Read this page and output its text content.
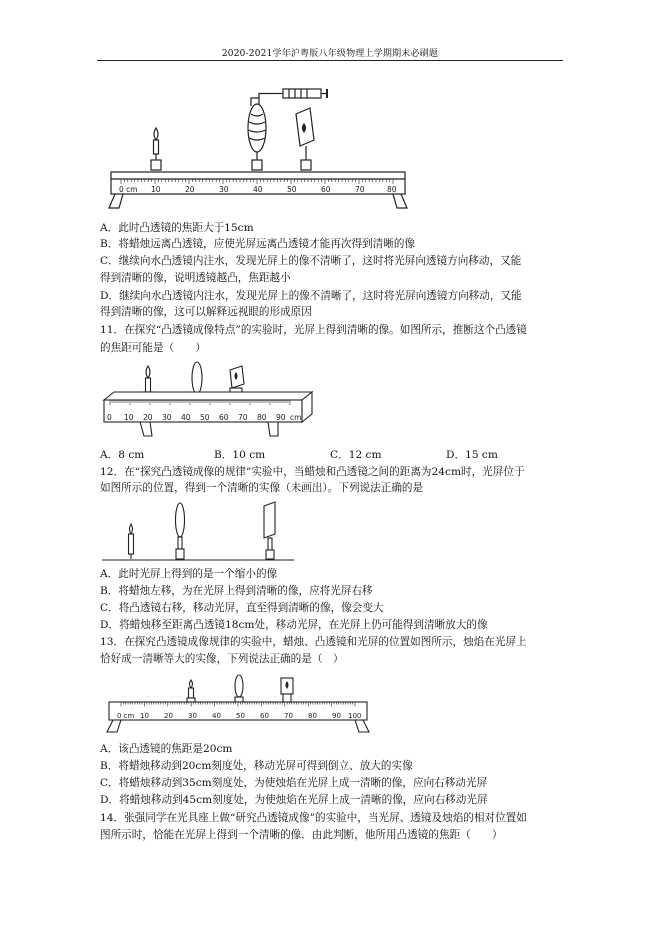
2020-2021学年沪粤版八年级物理上学期期末必刷题
0 cm 10	20	30	40	50	60	70	80
A．此时凸透镜的焦距大于15cm
B．将蜡烛远离凸透镜，应使光屏远离凸透镜才能再次得到清晰的像
C．继续向水凸透镜内注水，发现光屏上的像不清晰了，这时将光屏向透镜方向移动，又能
得到清晰的像，说明透镜越凸，焦距越小
D．继续向水凸透镜内注水，发现光屏上的像不清晰了，这时将光屏向透镜方向移动，又能
得到清晰的像，这可以解释远视眼的形成原因
11．在探究“凸透镜成像特点”的实验时，光屏上得到清晰的像。如图所示，推断这个凸透镜
的焦距可能是（　　）
0 10 20 30 40 50 60 70 80 90 cm
A．8 cm	B．10 cm	C．12 cm	D．15 cm
12．在“探究凸透镜成像的规律”实验中，当蜡烛和凸透镜之间的距离为24cm时，光屏位于
如图所示的位置，得到一个清晰的实像（未画出）。下列说法正确的是
A．此时光屏上得到的是一个缩小的像
B．将蜡烛左移，为在光屏上得到清晰的像，应将光屏右移
C．将凸透镜右移，移动光屏，直至得到清晰的像，像会变大
D．将蜡烛移至距离凸透镜18cm处，移动光屏，在光屏上仍可能得到清晰放大的像
13．在探究凸透镜成像规律的实验中，蜡烛、凸透镜和光屏的位置如图所示，烛焰在光屏上
恰好成一清晰等大的实像，下列说法正确的是（　）
0 cm 10 20 30 40 50 60 70 80 90 100
A．该凸透镜的焦距是20cm
B．将蜡烛移动到20cm刻度处，移动光屏可得到倒立、放大的实像
C．将蜡烛移动到35cm刻度处，为使烛焰在光屏上成一清晰的像，应向右移动光屏
D．将蜡烛移动到45cm刻度处，为使烛焰在光屏上成一清晰的像，应向右移动光屏
14．张强同学在光具座上做“研究凸透镜成像”的实验中，当光屏、透镜及烛焰的相对位置如
图所示时，恰能在光屏上得到一个清晰的像．由此判断，他所用凸透镜的焦距（　　）
